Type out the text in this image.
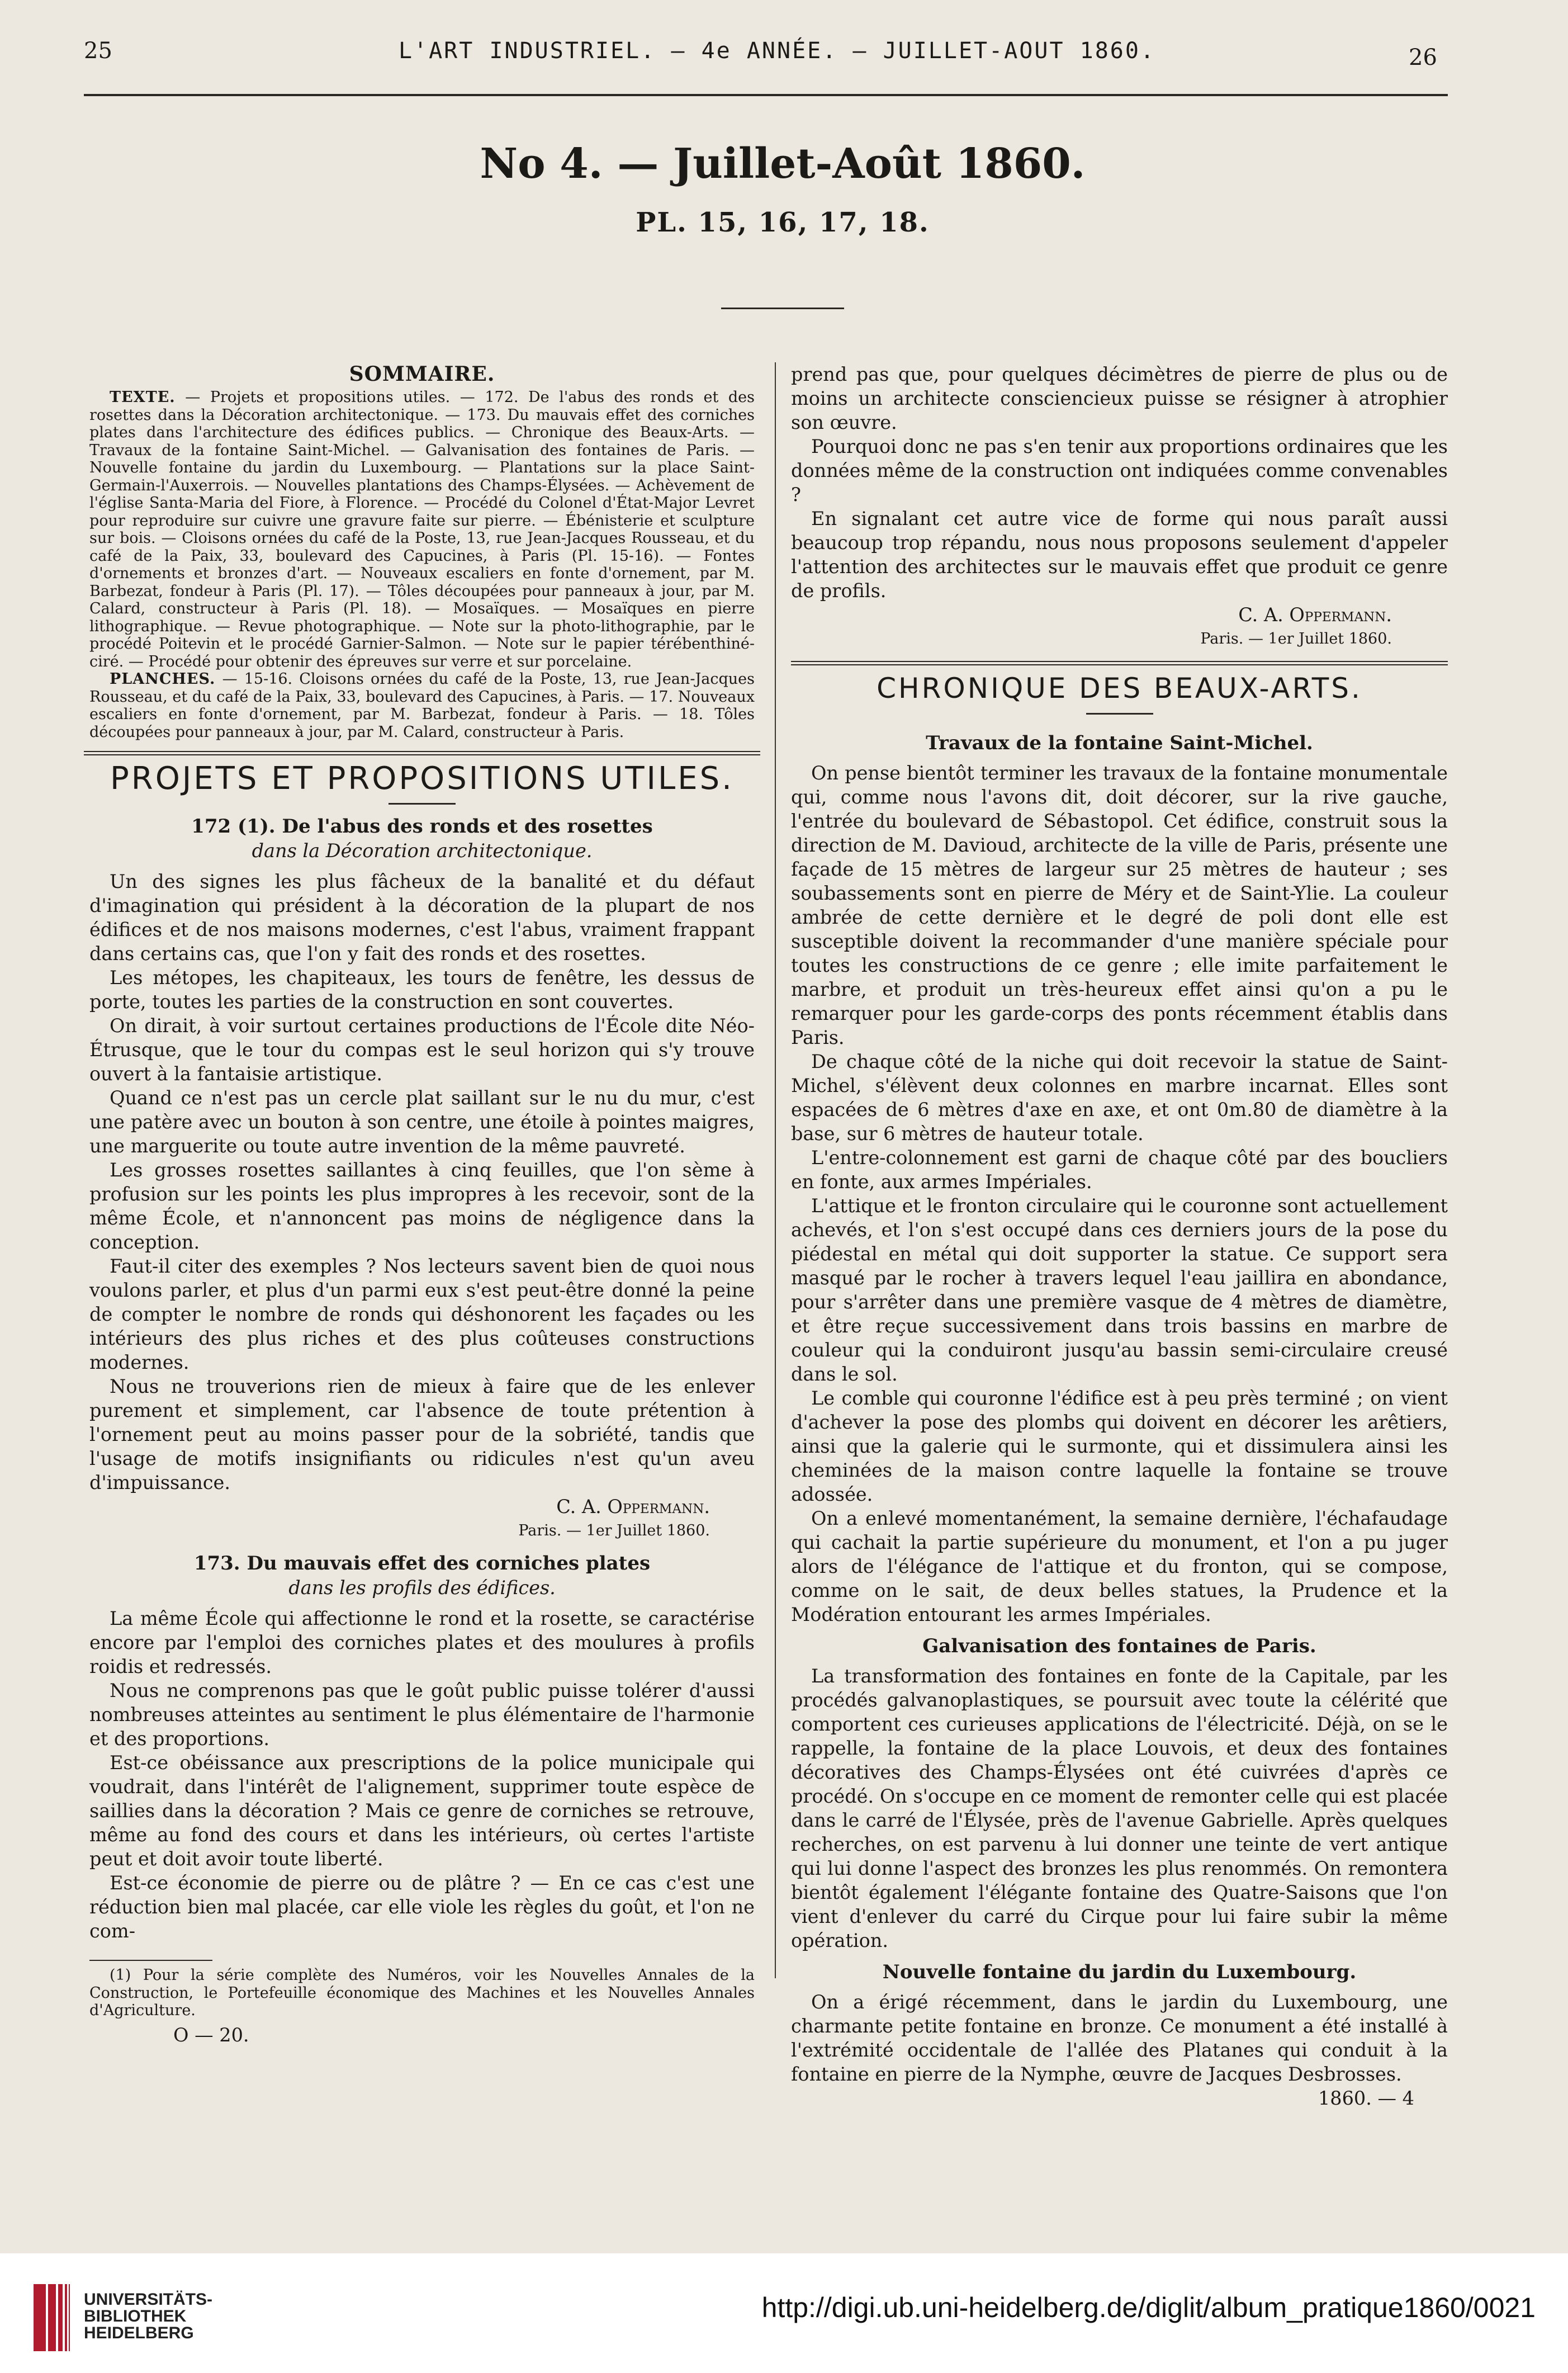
25	L'ART INDUSTRIEL. — 4e ANNÉE. — JUILLET-AOUT 1860.	26
No 4. — Juillet-Août 1860.
PL. 15, 16, 17, 18.
SOMMAIRE.
TEXTE. — Projets et propositions utiles. — 172. De l'abus des ronds et des rosettes dans la Décoration architectonique. — 173. Du mauvais effet des corniches plates dans l'architecture des édifices publics. — Chronique des Beaux-Arts. — Travaux de la fontaine Saint-Michel. — Galvanisation des fontaines de Paris. — Nouvelle fontaine du jardin du Luxembourg. — Plantations sur la place Saint-Germain-l'Auxerrois. — Nouvelles plantations des Champs-Élysées. — Achèvement de l'église Santa-Maria del Fiore, à Florence. — Procédé du Colonel d'État-Major Levret pour reproduire sur cuivre une gravure faite sur pierre. — Ébénisterie et sculpture sur bois. — Cloisons ornées du café de la Poste, 13, rue Jean-Jacques Rousseau, et du café de la Paix, 33, boulevard des Capucines, à Paris (Pl. 15-16). — Fontes d'ornements et bronzes d'art. — Nouveaux escaliers en fonte d'ornement, par M. Barbezat, fondeur à Paris (Pl. 17). — Tôles découpées pour panneaux à jour, par M. Calard, constructeur à Paris (Pl. 18). — Mosaïques. — Mosaïques en pierre lithographique. — Revue photographique. — Note sur la photo-lithographie, par le procédé Poitevin et le procédé Garnier-Salmon. — Note sur le papier térébenthiné-ciré. — Procédé pour obtenir des épreuves sur verre et sur porcelaine.
PLANCHES. — 15-16. Cloisons ornées du café de la Poste, 13, rue Jean-Jacques Rousseau, et du café de la Paix, 33, boulevard des Capucines, à Paris. — 17. Nouveaux escaliers en fonte d'ornement, par M. Barbezat, fondeur à Paris. — 18. Tôles découpées pour panneaux à jour, par M. Calard, constructeur à Paris.
PROJETS ET PROPOSITIONS UTILES.
172 (1). De l'abus des ronds et des rosettes
dans la Décoration architectonique.

Un des signes les plus fâcheux de la banalité et du défaut d'imagination qui président à la décoration de la plupart de nos édifices et de nos maisons modernes, c'est l'abus, vraiment frappant dans certains cas, que l'on y fait des ronds et des rosettes.

Les métopes, les chapiteaux, les tours de fenêtre, les dessus de porte, toutes les parties de la construction en sont couvertes.

On dirait, à voir surtout certaines productions de l'École dite Néo-Étrusque, que le tour du compas est le seul horizon qui s'y trouve ouvert à la fantaisie artistique.

Quand ce n'est pas un cercle plat saillant sur le nu du mur, c'est une patère avec un bouton à son centre, une étoile à pointes maigres, une marguerite ou toute autre invention de la même pauvreté.

Les grosses rosettes saillantes à cinq feuilles, que l'on sème à profusion sur les points les plus impropres à les recevoir, sont de la même École, et n'annoncent pas moins de négligence dans la conception.

Faut-il citer des exemples ? Nos lecteurs savent bien de quoi nous voulons parler, et plus d'un parmi eux s'est peut-être donné la peine de compter le nombre de ronds qui déshonorent les façades ou les intérieurs des plus riches et des plus coûteuses constructions modernes.

Nous ne trouverions rien de mieux à faire que de les enlever purement et simplement, car l'absence de toute prétention à l'ornement peut au moins passer pour de la sobriété, tandis que l'usage de motifs insignifiants ou ridicules n'est qu'un aveu d'impuissance.

C. A. Oppermann.
Paris. — 1er Juillet 1860.
173. Du mauvais effet des corniches plates
dans les profils des édifices.

La même École qui affectionne le rond et la rosette, se caractérise encore par l'emploi des corniches plates et des moulures à profils roidis et redressés.

Nous ne comprenons pas que le goût public puisse tolérer d'aussi nombreuses atteintes au sentiment le plus élémentaire de l'harmonie et des proportions.

Est-ce obéissance aux prescriptions de la police municipale qui voudrait, dans l'intérêt de l'alignement, supprimer toute espèce de saillies dans la décoration ? Mais ce genre de corniches se retrouve, même au fond des cours et dans les intérieurs, où certes l'artiste peut et doit avoir toute liberté.

Est-ce économie de pierre ou de plâtre ? — En ce cas c'est une réduction bien mal placée, car elle viole les règles du goût, et l'on ne com-

(1) Pour la série complète des Numéros, voir les Nouvelles Annales de la Construction, le Portefeuille économique des Machines et les Nouvelles Annales d'Agriculture.
O — 20.

prend pas que, pour quelques décimètres de pierre de plus ou de moins un architecte consciencieux puisse se résigner à atrophier son œuvre.

Pourquoi donc ne pas s'en tenir aux proportions ordinaires que les données même de la construction ont indiquées comme convenables ?

En signalant cet autre vice de forme qui nous paraît aussi beaucoup trop répandu, nous nous proposons seulement d'appeler l'attention des architectes sur le mauvais effet que produit ce genre de profils.

C. A. Oppermann.
Paris. — 1er Juillet 1860.
CHRONIQUE DES BEAUX-ARTS.
Travaux de la fontaine Saint-Michel.

On pense bientôt terminer les travaux de la fontaine monumentale qui, comme nous l'avons dit, doit décorer, sur la rive gauche, l'entrée du boulevard de Sébastopol. Cet édifice, construit sous la direction de M. Davioud, architecte de la ville de Paris, présente une façade de 15 mètres de largeur sur 25 mètres de hauteur ; ses soubassements sont en pierre de Méry et de Saint-Ylie. La couleur ambrée de cette dernière et le degré de poli dont elle est susceptible doivent la recommander d'une manière spéciale pour toutes les constructions de ce genre ; elle imite parfaitement le marbre, et produit un très-heureux effet ainsi qu'on a pu le remarquer pour les garde-corps des ponts récemment établis dans Paris.

De chaque côté de la niche qui doit recevoir la statue de Saint-Michel, s'élèvent deux colonnes en marbre incarnat. Elles sont espacées de 6 mètres d'axe en axe, et ont 0m.80 de diamètre à la base, sur 6 mètres de hauteur totale.

L'entre-colonnement est garni de chaque côté par des boucliers en fonte, aux armes Impériales.

L'attique et le fronton circulaire qui le couronne sont actuellement achevés, et l'on s'est occupé dans ces derniers jours de la pose du piédestal en métal qui doit supporter la statue. Ce support sera masqué par le rocher à travers lequel l'eau jaillira en abondance, pour s'arrêter dans une première vasque de 4 mètres de diamètre, et être reçue successivement dans trois bassins en marbre de couleur qui la conduiront jusqu'au bassin semi-circulaire creusé dans le sol.

Le comble qui couronne l'édifice est à peu près terminé ; on vient d'achever la pose des plombs qui doivent en décorer les arêtiers, ainsi que la galerie qui le surmonte, qui et dissimulera ainsi les cheminées de la maison contre laquelle la fontaine se trouve adossée.

On a enlevé momentanément, la semaine dernière, l'échafaudage qui cachait la partie supérieure du monument, et l'on a pu juger alors de l'élégance de l'attique et du fronton, qui se compose, comme on le sait, de deux belles statues, la Prudence et la Modération entourant les armes Impériales.

Galvanisation des fontaines de Paris.

La transformation des fontaines en fonte de la Capitale, par les procédés galvanoplastiques, se poursuit avec toute la célérité que comportent ces curieuses applications de l'électricité. Déjà, on se le rappelle, la fontaine de la place Louvois, et deux des fontaines décoratives des Champs-Élysées ont été cuivrées d'après ce procédé. On s'occupe en ce moment de remonter celle qui est placée dans le carré de l'Élysée, près de l'avenue Gabrielle. Après quelques recherches, on est parvenu à lui donner une teinte de vert antique qui lui donne l'aspect des bronzes les plus renommés. On remontera bientôt également l'élégante fontaine des Quatre-Saisons que l'on vient d'enlever du carré du Cirque pour lui faire subir la même opération.

Nouvelle fontaine du jardin du Luxembourg.

On a érigé récemment, dans le jardin du Luxembourg, une charmante petite fontaine en bronze. Ce monument a été installé à l'extrémité occidentale de l'allée des Platanes qui conduit à la fontaine en pierre de la Nymphe, œuvre de Jacques Desbrosses.

1860. — 4
UNIVERSITÄTS-
BIBLIOTHEK
HEIDELBERG
http://digi.ub.uni-heidelberg.de/diglit/album_pratique1860/0021
